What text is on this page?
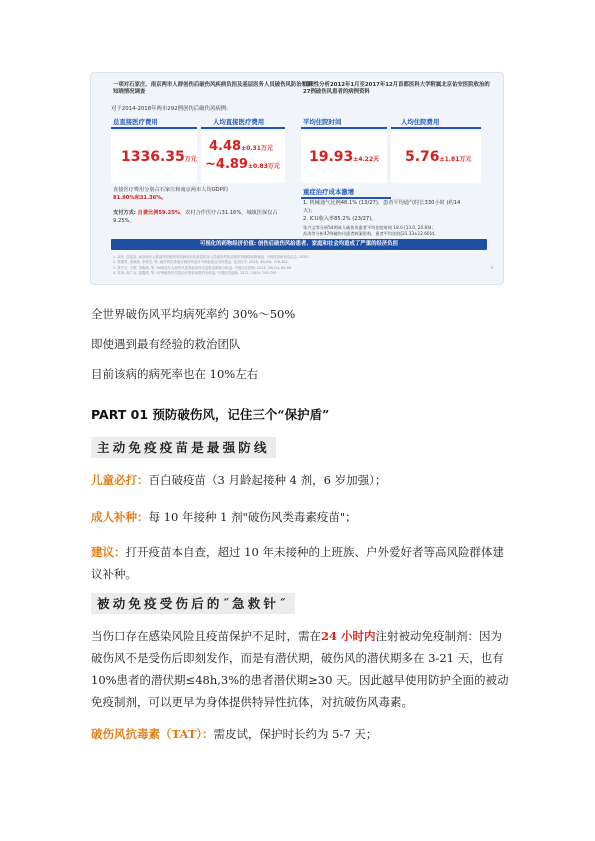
一项对石家庄、南京两市人群创伤后破伤风疾病负担及基层医务人员破伤风防治知识知晓情况调查
对于2014-2018年两市292例创伤后破伤风病例:
回顾性分析2012年1月至2017年12月首都医科大学附属北京佑安医院收治的27例破伤风患者的病例资料
总直接医疗费用	人均直接医疗费用
1336.35万元
4.48±0.31万元
~4.89±0.83万元
平均住院时间	人均住院费用
19.93±4.22天 5.76±1.81万元
直接医疗费用分别占石家庄和南京两市人均GDP的
81.90%和31.36%。
支付方式: 自费比例59.25%，农村合作医疗占31.16%，城镇医保仅占9.25%。
重症治疗成本激增
1. 机械通气比例48.1% (13/27)，患者平均通气时长330小时 (约14天)；
2. ICU收入率85.2% (23/27)。
张兴文等分析54例成人破伤风患者平均住院时间 18.0 [13.0, 24.8]d；
苏涛等分析47例破伤风患者病案资料，患者平均住院[21.13±12.60]d。
可视化的药物经济价值: 创伤后破伤风给患者、家庭和社会均造成了严重的经济负担
1. 宋民, 伍雯蕊, 南京两市人群创伤后破伤风疾病负担及基层医务人员破伤风防治知识知晓情况调查[J]. 中国疫苗和免疫杂志, 2020.
2. 蔡刚等, 成海惠, 李铁雪, 等. 破伤风抗毒素在破伤风治疗中的临床应用效果[J]. 北京医学, 2016, 40(04): 378-382.
3. 张兴文, 王辉, 刘明海, 等. 54例成年人破伤风患者临床特点及救治策略分析[J]. 中国社区医师, 2023, 39(10): 84-86.
4. 苏涛, 郭广兵, 赵鑫亮, 等. 47例破伤风住院治疗的临床资料分析[J]. 中国医学创新, 2012, 10(5): 793-795.
5
全世界破伤风平均病死率约 30%～50%
即使遇到最有经验的救治团队
目前该病的病死率也在 10%左右
PART 01 预防破伤风，记住三个“保护盾”
主动免疫疫苗是最强防线
儿童必打：百白破疫苗（3 月龄起接种 4 剂，6 岁加强）；
成人补种：每 10 年接种 1 剂"破伤风类毒素疫苗"；
建议：打开疫苗本自查，超过 10 年未接种的上班族、户外爱好者等高风险群体建议补种。
被动免疫受伤后的˝急救针˝
当伤口存在感染风险且疫苗保护不足时，需在24 小时内注射被动免疫制剂：因为破伤风不是受伤后即刻发作，而是有潜伏期，破伤风的潜伏期多在 3-21 天，也有 10%患者的潜伏期≤48h,3%的患者潜伏期≥30 天。因此越早使用防护全面的被动免疫制剂，可以更早为身体提供特异性抗体，对抗破伤风毒素。
破伤风抗毒素（TAT）：需皮试，保护时长约为 5-7 天；
